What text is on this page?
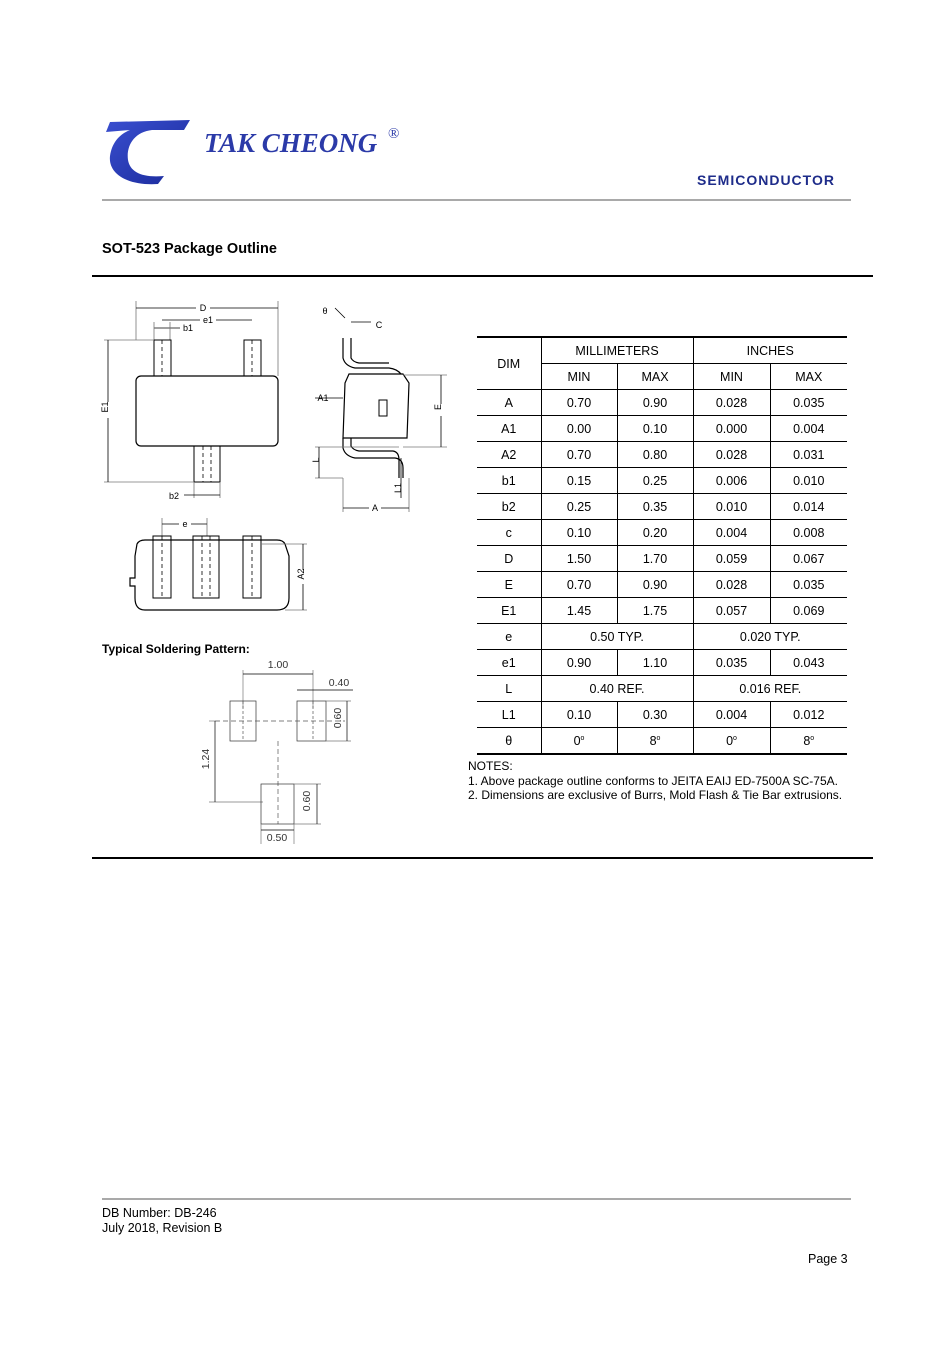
TAK CHEONG ®
SEMICONDUCTOR
SOT-523 Package Outline
D
e1
b1
E1
b2
θ
C
E
A1
L
L1
A
e
A2
Typical Soldering Pattern:
1.00
0.40
0.60
1.24
0.60
0.50
DIM	MILLIMETERS		INCHES	
	MIN	MAX	MIN	MAX
A	0.70	0.90	0.028	0.035
A1	0.00	0.10	0.000	0.004
A2	0.70	0.80	0.028	0.031
b1	0.15	0.25	0.006	0.010
b2	0.25	0.35	0.010	0.014
c	0.10	0.20	0.004	0.008
D	1.50	1.70	0.059	0.067
E	0.70	0.90	0.028	0.035
E1	1.45	1.75	0.057	0.069
e	0.50 TYP.		0.020 TYP.	
e1	0.90	1.10	0.035	0.043
L	0.40 REF.		0.016 REF.	
L1	0.10	0.30	0.004	0.012
θ	0$^o$	8$^o$	0$^o$	8$^o$
NOTES:
1. Above package outline conforms to JEITA EAIJ ED-7500A SC-75A.
2. Dimensions are exclusive of Burrs, Mold Flash & Tie Bar extrusions.
DB Number: DB-246
July 2018, Revision B
Page 3
